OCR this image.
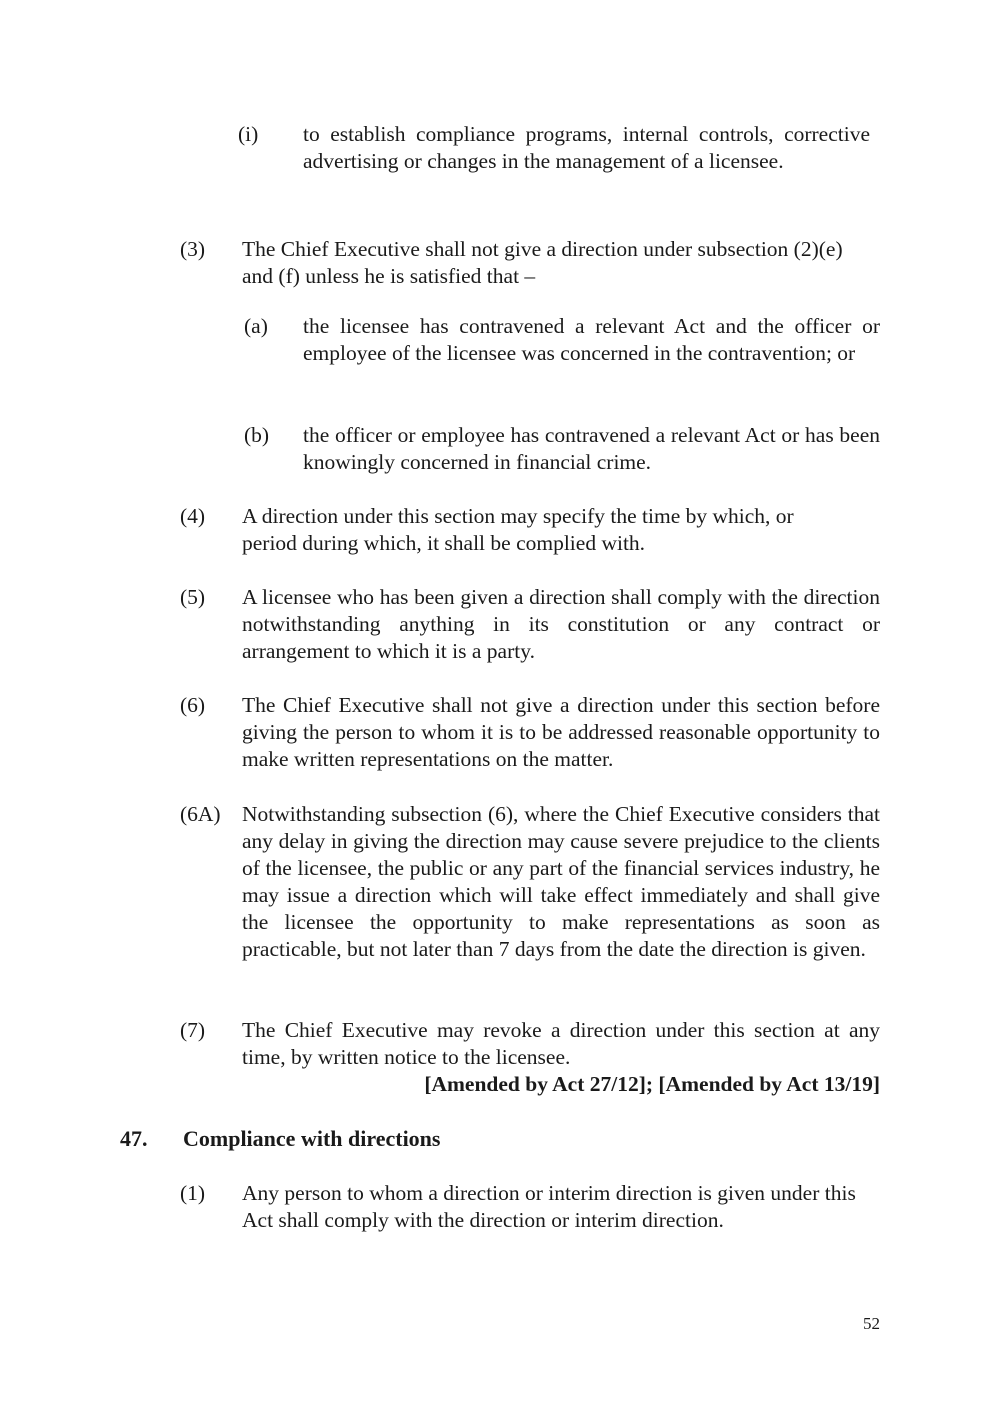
(i) to establish compliance programs, internal controls, corrective advertising or changes in the management of a licensee.
(3) The Chief Executive shall not give a direction under subsection (2)(e) and (f) unless he is satisfied that –
(a) the licensee has contravened a relevant Act and the officer or employee of the licensee was concerned in the contravention; or
(b) the officer or employee has contravened a relevant Act or has been knowingly concerned in financial crime.
(4) A direction under this section may specify the time by which, or period during which, it shall be complied with.
(5) A licensee who has been given a direction shall comply with the direction notwithstanding anything in its constitution or any contract or arrangement to which it is a party.
(6) The Chief Executive shall not give a direction under this section before giving the person to whom it is to be addressed reasonable opportunity to make written representations on the matter.
(6A) Notwithstanding subsection (6), where the Chief Executive considers that any delay in giving the direction may cause severe prejudice to the clients of the licensee, the public or any part of the financial services industry, he may issue a direction which will take effect immediately and shall give the licensee the opportunity to make representations as soon as practicable, but not later than 7 days from the date the direction is given.
(7) The Chief Executive may revoke a direction under this section at any time, by written notice to the licensee.
[Amended by Act 27/12]; [Amended by Act 13/19]
47. Compliance with directions
(1) Any person to whom a direction or interim direction is given under this Act shall comply with the direction or interim direction.
52
